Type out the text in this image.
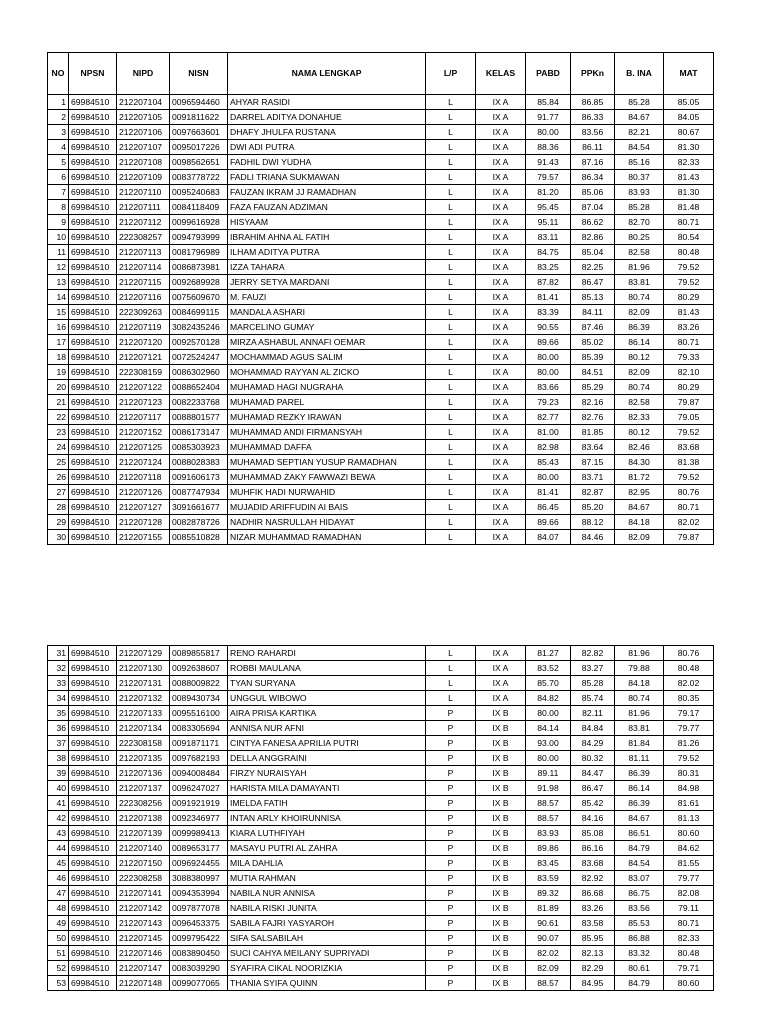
NO	NPSN	NIPD	NISN	NAMA LENGKAP	L/P	KELAS	PABD	PPKn	B. INA	MAT
1	69984510	212207104	0096594460	AHYAR RASIDI	L	IX A	85.84	86.85	85.28	85.05
2	69984510	212207105	0091811622	DARREL ADITYA DONAHUE	L	IX A	91.77	86.33	84.67	84.05
3	69984510	212207106	0097663601	DHAFY JHULFA RUSTANA	L	IX A	80.00	83.56	82.21	80.67
4	69984510	212207107	0095017226	DWI ADI PUTRA	L	IX A	88.36	86.11	84.54	81.30
5	69984510	212207108	0098562651	FADHIL DWI YUDHA	L	IX A	91.43	87.16	85.16	82.33
6	69984510	212207109	0083778722	FADLI TRIANA SUKMAWAN	L	IX A	79.57	86.34	80.37	81.43
7	69984510	212207110	0095240683	FAUZAN IKRAM JJ RAMADHAN	L	IX A	81.20	85.06	83.93	81.30
8	69984510	212207111	0084118409	FAZA FAUZAN ADZIMAN	L	IX A	95.45	87.04	85.28	81.48
9	69984510	212207112	0099616928	HISYAAM	L	IX A	95.11	86.62	82.70	80.71
10	69984510	222308257	0094793999	IBRAHIM AHNA AL FATIH	L	IX A	83.11	82.86	80.25	80.54
11	69984510	212207113	0081796989	ILHAM ADITYA PUTRA	L	IX A	84.75	85.04	82.58	80.48
12	69984510	212207114	0086873981	IZZA TAHARA	L	IX A	83.25	82.25	81.96	79.52
13	69984510	212207115	0092689928	JERRY SETYA MARDANI	L	IX A	87.82	86.47	83.81	79.52
14	69984510	212207116	0075609670	M. FAUZI	L	IX A	81.41	85.13	80.74	80.29
15	69984510	222309263	0084699115	MANDALA ASHARI	L	IX A	83.39	84.11	82.09	81.43
16	69984510	212207119	3082435246	MARCELINO GUMAY	L	IX A	90.55	87.46	86.39	83.26
17	69984510	212207120	0092570128	MIRZA ASHABUL ANNAFI OEMAR	L	IX A	89.66	85.02	86.14	80.71
18	69984510	212207121	0072524247	MOCHAMMAD AGUS SALIM	L	IX A	80.00	85.39	80.12	79.33
19	69984510	222308159	0086302960	MOHAMMAD RAYYAN AL ZICKO	L	IX A	80.00	84.51	82.09	82.10
20	69984510	212207122	0088652404	MUHAMAD HAGI NUGRAHA	L	IX A	83.66	85.29	80.74	80.29
21	69984510	212207123	0082233768	MUHAMAD PAREL	L	IX A	79.23	82.16	82.58	79.87
22	69984510	212207117	0088801577	MUHAMAD REZKY IRAWAN	L	IX A	82.77	82.76	82.33	79.05
23	69984510	212207152	0086173147	MUHAMMAD ANDI FIRMANSYAH	L	IX A	81.00	81.85	80.12	79.52
24	69984510	212207125	0085303923	MUHAMMAD DAFFA	L	IX A	82.98	83.64	82.46	83.68
25	69984510	212207124	0088028383	MUHAMAD SEPTIAN YUSUP RAMADHAN	L	IX A	85.43	87.15	84.30	81.38
26	69984510	212207118	0091606173	MUHAMMAD ZAKY FAWWAZI BEWA	L	IX A	80.00	83.71	81.72	79.52
27	69984510	212207126	0087747934	MUHFIK HADI NURWAHID	L	IX A	81.41	82.87	82.95	80.76
28	69984510	212207127	3091661677	MUJADID ARIFFUDIN AI BAIS	L	IX A	86.45	85.20	84.67	80.71
29	69984510	212207128	0082878726	NADHIR NASRULLAH HIDAYAT	L	IX A	89.66	88.12	84.18	82.02
30	69984510	212207155	0085510828	NIZAR MUHAMMAD RAMADHAN	L	IX A	84.07	84.46	82.09	79.87
31	69984510	212207129	0089855817	RENO RAHARDI	L	IX A	81.27	82.82	81.96	80.76
32	69984510	212207130	0092638607	ROBBI MAULANA	L	IX A	83.52	83.27	79.88	80.48
33	69984510	212207131	0088009822	TYAN SURYANA	L	IX A	85.70	85.28	84.18	82.02
34	69984510	212207132	0089430734	UNGGUL WIBOWO	L	IX A	84.82	85.74	80.74	80.35
35	69984510	212207133	0095516100	AIRA PRISA KARTIKA	P	IX B	80.00	82.11	81.96	79.17
36	69984510	212207134	0083305694	ANNISA NUR AFNI	P	IX B	84.14	84.84	83.81	79.77
37	69984510	222308158	0091871171	CINTYA FANESA APRILIA PUTRI	P	IX B	93.00	84.29	81.84	81.26
38	69984510	212207135	0097682193	DELLA ANGGRAINI	P	IX B	80.00	80.32	81.11	79.52
39	69984510	212207136	0094008484	FIRZY NURAISYAH	P	IX B	89.11	84.47	86.39	80.31
40	69984510	212207137	0096247027	HARISTA MILA DAMAYANTI	P	IX B	91.98	86.47	86.14	84.98
41	69984510	222308256	0091921919	IMELDA FATIH	P	IX B	88.57	85.42	86.39	81.61
42	69984510	212207138	0092346977	INTAN ARLY KHOIRUNNISA	P	IX B	88.57	84.16	84.67	81.13
43	69984510	212207139	0099989413	KIARA LUTHFIYAH	P	IX B	83.93	85.08	86.51	80.60
44	69984510	212207140	0089653177	MASAYU PUTRI AL ZAHRA	P	IX B	89.86	86.16	84.79	84.62
45	69984510	212207150	0096924455	MILA DAHLIA	P	IX B	83.45	83.68	84.54	81.55
46	69984510	222308258	3088380997	MUTIA RAHMAN	P	IX B	83.59	82.92	83.07	79.77
47	69984510	212207141	0094353994	NABILA NUR ANNISA	P	IX B	89.32	86.68	86.75	82.08
48	69984510	212207142	0097877078	NABILA RISKI JUNITA	P	IX B	81.89	83.26	83.56	79.11
49	69984510	212207143	0096453375	SABILA FAJRI YASYAROH	P	IX B	90.61	83.58	85.53	80.71
50	69984510	212207145	0099795422	SIFA SALSABILAH	P	IX B	90.07	85.95	86.88	82.33
51	69984510	212207146	0083890450	SUCI CAHYA MEILANY SUPRIYADI	P	IX B	82.02	82.13	83.32	80.48
52	69984510	212207147	0083039290	SYAFIRA CIKAL NOORIZKIA	P	IX B	82.09	82.29	80.61	79.71
53	69984510	212207148	0099077065	THANIA SYIFA QUINN	P	IX B	88.57	84.95	84.79	80.60
